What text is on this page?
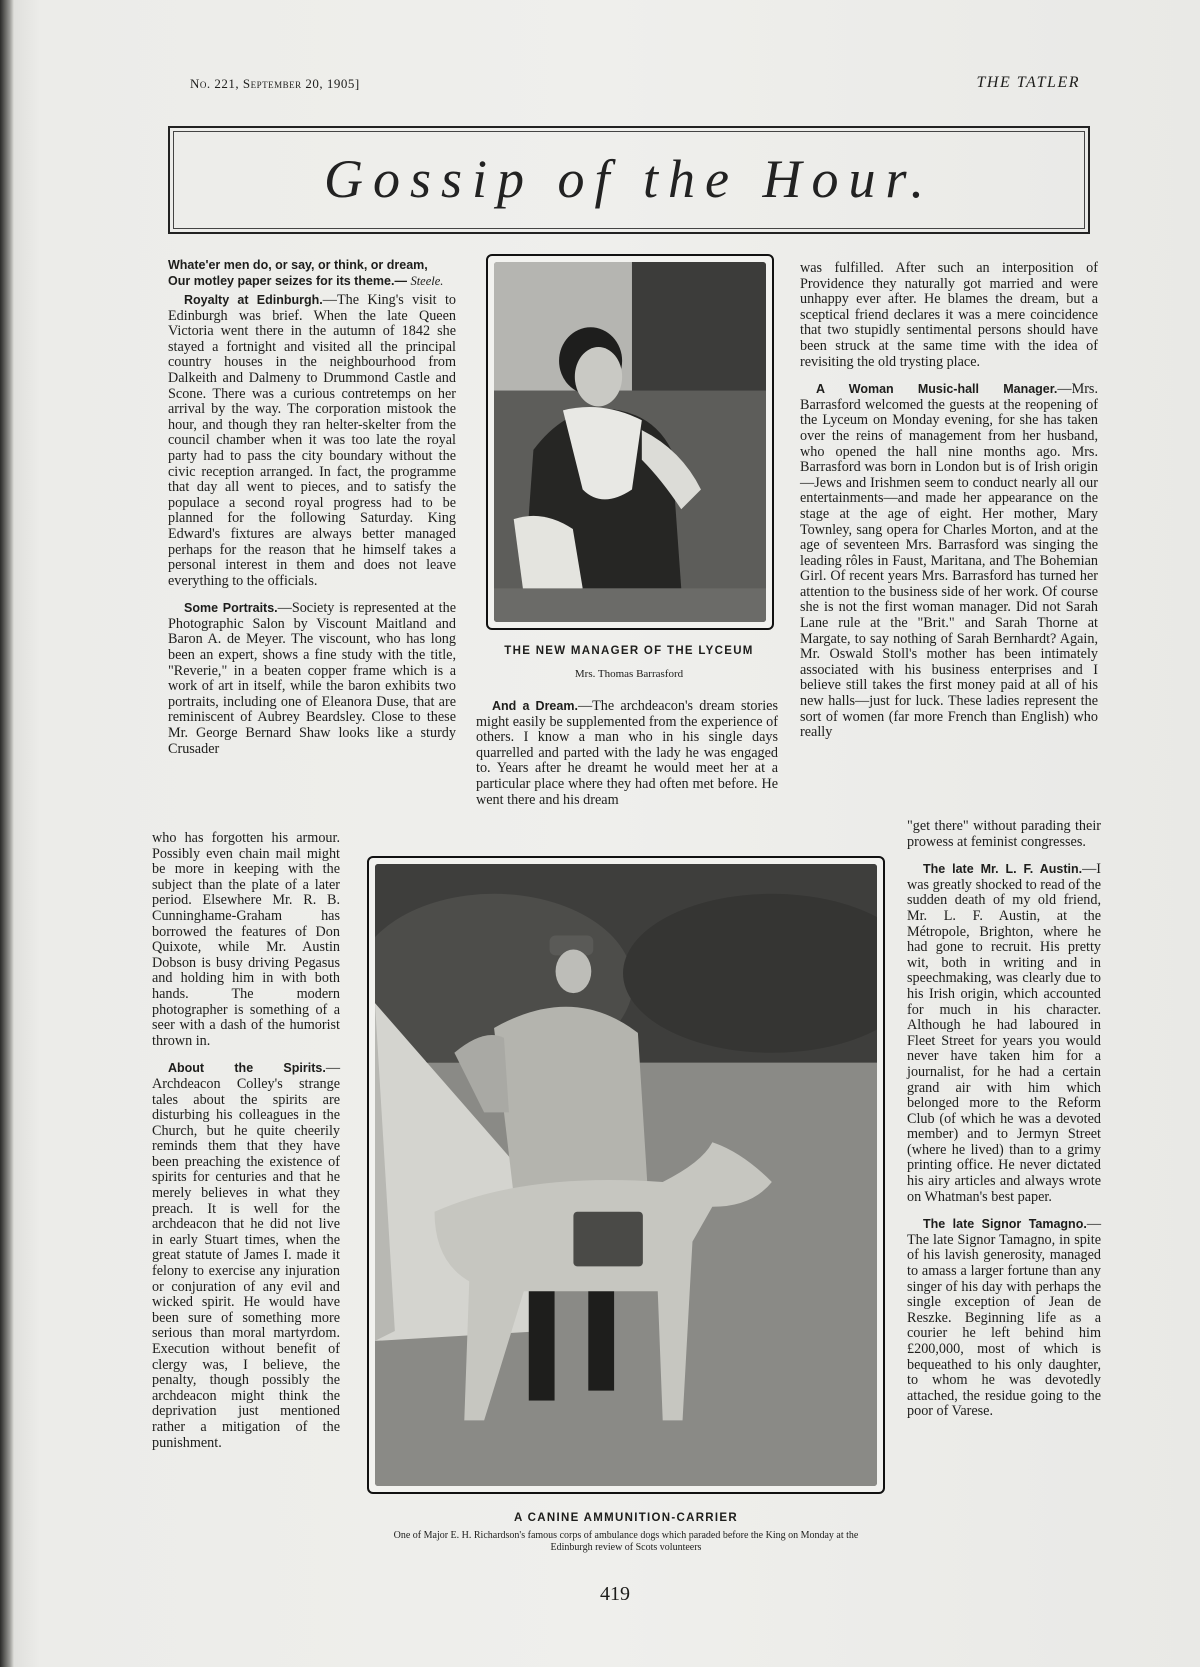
No. 221, September 20, 1905]	THE TATLER
Gossip of the Hour.
Whate'er men do, or say, or think, or dream,
Our motley paper seizes for its theme.— Steele.

Royalty at Edinburgh.—The King's visit to Edinburgh was brief. When the late Queen Victoria went there in the autumn of 1842 she stayed a fortnight and visited all the principal country houses in the neighbourhood from Dalkeith and Dalmeny to Drummond Castle and Scone. There was a curious contretemps on her arrival by the way. The corporation mistook the hour, and though they ran helter-skelter from the council chamber when it was too late the royal party had to pass the city boundary without the civic reception arranged. In fact, the programme that day all went to pieces, and to satisfy the populace a second royal progress had to be planned for the following Saturday. King Edward's fixtures are always better managed perhaps for the reason that he himself takes a personal interest in them and does not leave everything to the officials.

Some Portraits.—Society is represented at the Photographic Salon by Viscount Maitland and Baron A. de Meyer. The viscount, who has long been an expert, shows a fine study with the title, "Reverie," in a beaten copper frame which is a work of art in itself, while the baron exhibits two portraits, including one of Eleanora Duse, that are reminiscent of Aubrey Beardsley. Close to these Mr. George Bernard Shaw looks like a sturdy Crusader

who has forgotten his armour. Possibly even chain mail might be more in keeping with the subject than the plate of a later period. Elsewhere Mr. R. B. Cunninghame-Graham has borrowed the features of Don Quixote, while Mr. Austin Dobson is busy driving Pegasus and holding him in with both hands. The modern photographer is something of a seer with a dash of the humorist thrown in.

About the Spirits.—Archdeacon Colley's strange tales about the spirits are disturbing his colleagues in the Church, but he quite cheerily reminds them that they have been preaching the existence of spirits for centuries and that he merely believes in what they preach. It is well for the archdeacon that he did not live in early Stuart times, when the great statute of James I. made it felony to exercise any injuration or conjuration of any evil and wicked spirit. He would have been sure of something more serious than moral martyrdom. Execution without benefit of clergy was, I believe, the penalty, though possibly the archdeacon might think the deprivation just mentioned rather a mitigation of the punishment.

THE NEW MANAGER OF THE LYCEUM
Mrs. Thomas Barrasford

And a Dream.—The archdeacon's dream stories might easily be supplemented from the experience of others. I know a man who in his single days quarrelled and parted with the lady he was engaged to. Years after he dreamt he would meet her at a particular place where they had often met before. He went there and his dream

was fulfilled. After such an interposition of Providence they naturally got married and were unhappy ever after. He blames the dream, but a sceptical friend declares it was a mere coincidence that two stupidly sentimental persons should have been struck at the same time with the idea of revisiting the old trysting place.

A Woman Music-hall Manager.—Mrs. Barrasford welcomed the guests at the reopening of the Lyceum on Monday evening, for she has taken over the reins of management from her husband, who opened the hall nine months ago. Mrs. Barrasford was born in London but is of Irish origin—Jews and Irishmen seem to conduct nearly all our entertainments—and made her appearance on the stage at the age of eight. Her mother, Mary Townley, sang opera for Charles Morton, and at the age of seventeen Mrs. Barrasford was singing the leading rôles in Faust, Maritana, and The Bohemian Girl. Of recent years Mrs. Barrasford has turned her attention to the business side of her work. Of course she is not the first woman manager. Did not Sarah Lane rule at the "Brit." and Sarah Thorne at Margate, to say nothing of Sarah Bernhardt? Again, Mr. Oswald Stoll's mother has been intimately associated with his business enterprises and I believe still takes the first money paid at all of his new halls—just for luck. These ladies represent the sort of women (far more French than English) who really

"get there" without parading their prowess at feminist congresses.

The late Mr. L. F. Austin.—I was greatly shocked to read of the sudden death of my old friend, Mr. L. F. Austin, at the Métropole, Brighton, where he had gone to recruit. His pretty wit, both in writing and in speechmaking, was clearly due to his Irish origin, which accounted for much in his character. Although he had laboured in Fleet Street for years you would never have taken him for a journalist, for he had a certain grand air with him which belonged more to the Reform Club (of which he was a devoted member) and to Jermyn Street (where he lived) than to a grimy printing office. He never dictated his airy articles and always wrote on Whatman's best paper.

The late Signor Tamagno.—The late Signor Tamagno, in spite of his lavish generosity, managed to amass a larger fortune than any singer of his day with perhaps the single exception of Jean de Reszke. Beginning life as a courier he left behind him £200,000, most of which is bequeathed to his only daughter, to whom he was devotedly attached, the residue going to the poor of Varese.

A CANINE AMMUNITION-CARRIER
One of Major E. H. Richardson's famous corps of ambulance dogs which paraded before the King on Monday at the Edinburgh review of Scots volunteers
419
